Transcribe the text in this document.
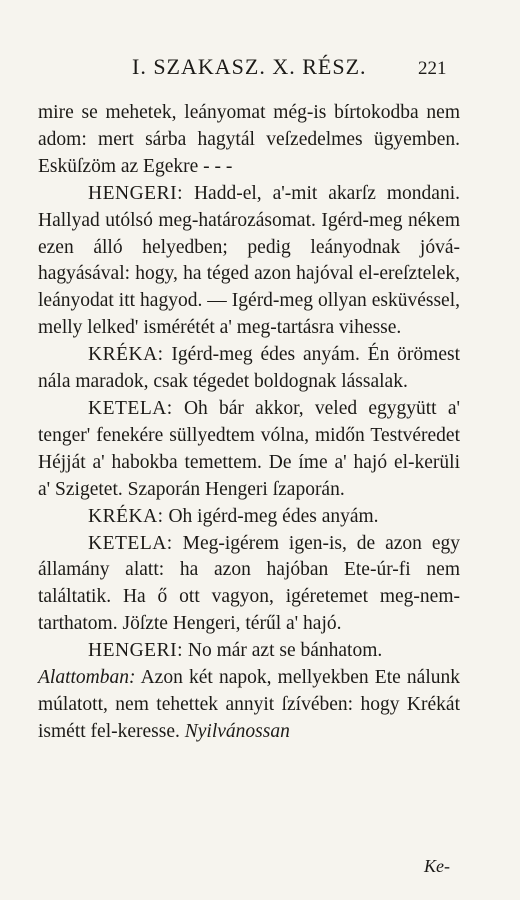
I. SZAKASZ. X. RÉSZ.	221

mire se mehetek, leányomat még-is bírtokodba nem adom: mert sárba hagytál veſzedelmes ügyemben. Esküſzöm az Egekre - - -

HENGERI: Hadd-el, a'-mit akarſz mondani. Hallyad utólsó meg-határozásomat. Igérd-meg nékem ezen álló helyedben; pedig leányodnak jóvá-hagyásával: hogy, ha téged azon hajóval el-ereſztelek, leányodat itt hagyod. — Igérd-meg ollyan esküvéssel, melly lelked' ismérétét a' meg-tartásra vihesse.

KRÉKA: Igérd-meg édes anyám. Én örömest nála maradok, csak tégedet boldognak lássalak.

KETELA: Oh bár akkor, veled egygyütt a' tenger' fenekére süllyedtem vólna, midőn Testvéredet Héjját a' habokba temettem. De íme a' hajó el-kerüli a' Szigetet. Szaporán Hengeri ſzaporán.

KRÉKA: Oh igérd-meg édes anyám.

KETELA: Meg-igérem igen-is, de azon egy államány alatt: ha azon hajóban Ete-úr-fi nem találtatik. Ha ő ott vagyon, igéretemet meg-nem-tarthatom. Jöſzte Hengeri, térűl a' hajó.

HENGERI: No már azt se bánhatom.

Alattomban: Azon két napok, mellyekben Ete nálunk múlatott, nem tehettek annyit ſzívében: hogy Krékát ismétt fel-keresse. Nyilvánossan

Ke-
